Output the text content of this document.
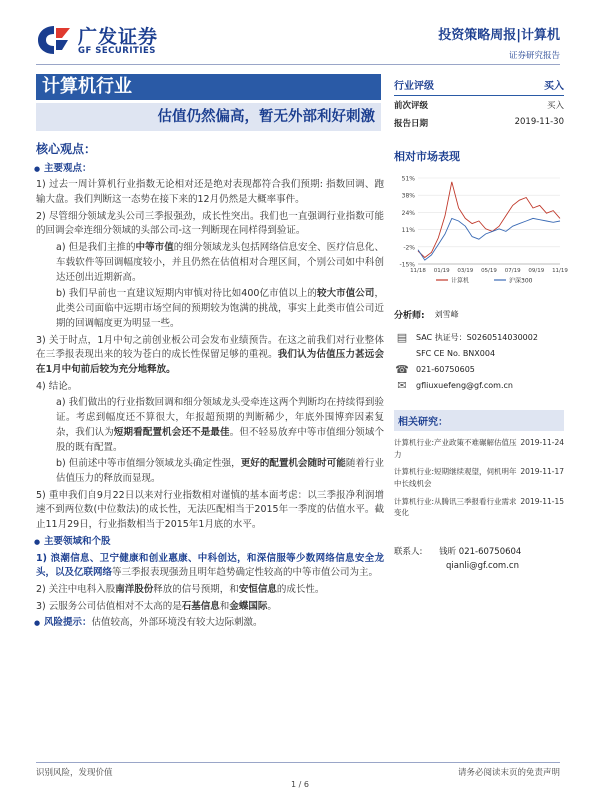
广发证券
GF SECURITIES
投资策略周报|计算机
证券研究报告
计算机行业
估值仍然偏高，暂无外部利好刺激
行业评级	买入
前次评级	买入
报告日期	2019-11-30
相对市场表现
51%
38%
24%
11%
-2%
-15%
11/18 01/19 03/19 05/19 07/19 09/19 11/19
计算机	沪深300
核心观点：

● 主要观点：

1) 过去一周计算机行业指数无论相对还是绝对表现都符合我们预期: 指数回调、跑输大盘。我们判断这一态势在接下来的12月仍然是大概率事件。

2) 尽管细分领域龙头公司三季报强劲，成长性突出。我们也一直强调行业指数可能的回调会牵连细分领域的头部公司-这一判断现在同样得到验证。

a) 但是我们主推的中等市值的细分领域龙头包括网络信息安全、医疗信息化、车载软件等回调幅度较小，并且仍然在估值相对合理区间，个别公司如中科创达还创出近期新高。

b) 我们早前也一直建议短期内审慎对待比如400亿市值以上的较大市值公司，此类公司面临中远期市场空间的预期较为饱满的挑战，事实上此类市值公司近期的回调幅度更为明显一些。

3) 关于时点，1月中旬之前创业板公司会发布业绩预告。在这之前我们对行业整体在三季报表现出来的较为苍白的成长性保留足够的重视。我们认为估值压力甚远会在1月中旬前后较为充分地释放。

4) 结论。

a) 我们做出的行业指数回调和细分领域龙头受牵连这两个判断均在持续得到验证。考虑到幅度还不算很大，年报超预期的判断稀少，年底外围博弈因素复杂，我们认为短期看配置机会还不是最佳。但不轻易放弃中等市值细分领域个股的既有配置。

b) 但前述中等市值细分领域龙头确定性强，更好的配置机会随时可能随着行业估值压力的释放而显现。

5) 重申我们自9月22日以来对行业指数相对谨慎的基本面考虑：以三季报净利润增速不到两位数(中位数法)的成长性，无法匹配相当于2015年一季度的估值水平。截止11月29日，行业指数相当于2015年1月底的水平。

● 主要领域和个股

1) 浪潮信息、卫宁健康和创业惠康、中科创达，和深信服等少数网络信息安全龙头，以及亿联网络等三季报表现强劲且明年趋势确定性较高的中等市值公司为主。

2) 关注中电科入股南洋股份释放的信号预期，和安恒信息的成长性。

3) 云服务公司估值相对不太高的是石基信息和金蝶国际。

● 风险提示：估值较高，外部环境没有较大边际刺激。

分析师: 刘雪峰
▤	SAC 执证号：S0260514030002
SFC CE No. BNX004
☎ 021-60750605
✉	gfliuxuefeng@gf.com.cn
相关研究：
计算机行业:产业政策不难碾解估值压力
2019-11-24
计算机行业:短期继续观望，伺机明年中长线机会
2019-11-17
计算机行业:从腾讯三季报看行业需求变化
2019-11-15
联系人: 钱昕 021-60750604
qianli@gf.com.cn
识别风险，发现价值	请务必阅读末页的免责声明
1 / 6
